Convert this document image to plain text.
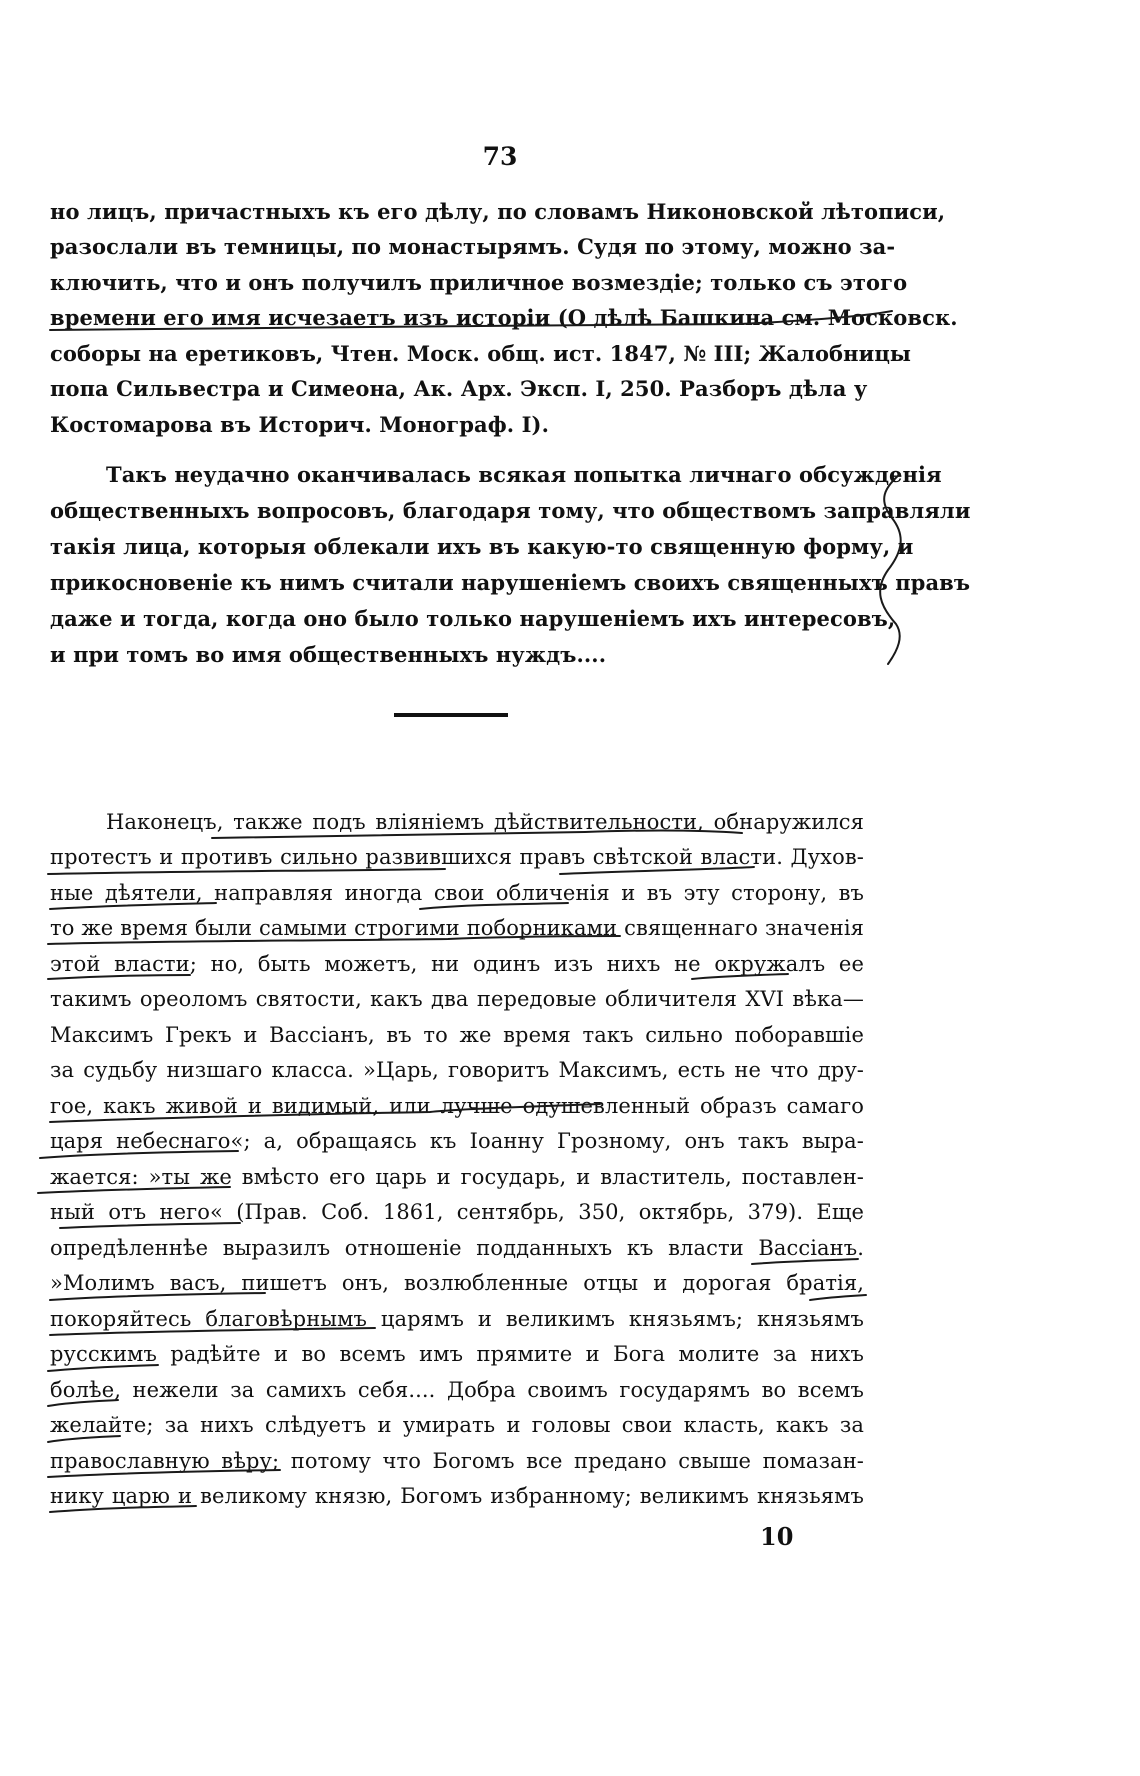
73
но лицъ, причастныхъ къ его дѣлу, по словамъ Никоновской лѣтописи,
разослали въ темницы, по монастырямъ. Судя по этому, можно за-
ключить, что и онъ получилъ приличное возмездіе; только съ этого
времени его имя исчезаетъ изъ исторіи (О дѣлѣ Башкина см. Московск.
соборы на еретиковъ, Чтен. Моск. общ. ист. 1847, № III; Жалобницы
попа Сильвестра и Симеона, Ак. Арх. Эксп. I, 250. Разборъ дѣла у
Костомарова въ Историч. Монограф. I).
Такъ неудачно оканчивалась всякая попытка личнаго обсужденія
общественныхъ вопросовъ, благодаря тому, что обществомъ заправляли
такія лица, которыя облекали ихъ въ какую-то священную форму, и
прикосновеніе къ нимъ считали нарушеніемъ своихъ священныхъ правъ
даже и тогда, когда оно было только нарушеніемъ ихъ интересовъ,
и при томъ во имя общественныхъ нуждъ....
Наконецъ, также подъ вліяніемъ дѣйствительности, обнаружился
протестъ и противъ сильно развившихся правъ свѣтской власти. Духов-
ные дѣятели, направляя иногда свои обличенія и въ эту сторону, въ
то же время были самыми строгими поборниками священнаго значенія
этой власти; но, быть можетъ, ни одинъ изъ нихъ не окружалъ ее
такимъ ореоломъ святости, какъ два передовые обличителя XVI вѣка—
Максимъ Грекъ и Вассіанъ, въ то же время такъ сильно поборавшіе
за судьбу низшаго класса. »Царь, говоритъ Максимъ, есть не что дру-
гое, какъ живой и видимый, или лучше одушевленный образъ самаго
царя небеснаго«; а, обращаясь къ Іоанну Грозному, онъ такъ выра-
жается: »ты же вмѣсто его царь и государь, и властитель, поставлен-
ный отъ него« (Прав. Соб. 1861, сентябрь, 350, октябрь, 379). Еще
опредѣленнѣе выразилъ отношеніе подданныхъ къ власти Вассіанъ.
»Молимъ васъ, пишетъ онъ, возлюбленные отцы и дорогая братія,
покоряйтесь благовѣрнымъ царямъ и великимъ князьямъ; князьямъ
русскимъ радѣйте и во всемъ имъ прямите и Бога молите за нихъ
болѣе, нежели за самихъ себя.... Добра своимъ государямъ во всемъ
желайте; за нихъ слѣдуетъ и умирать и головы свои класть, какъ за
православную вѣру; потому что Богомъ все предано свыше помазан-
нику царю и великому князю, Богомъ избранному; великимъ князьямъ
10
